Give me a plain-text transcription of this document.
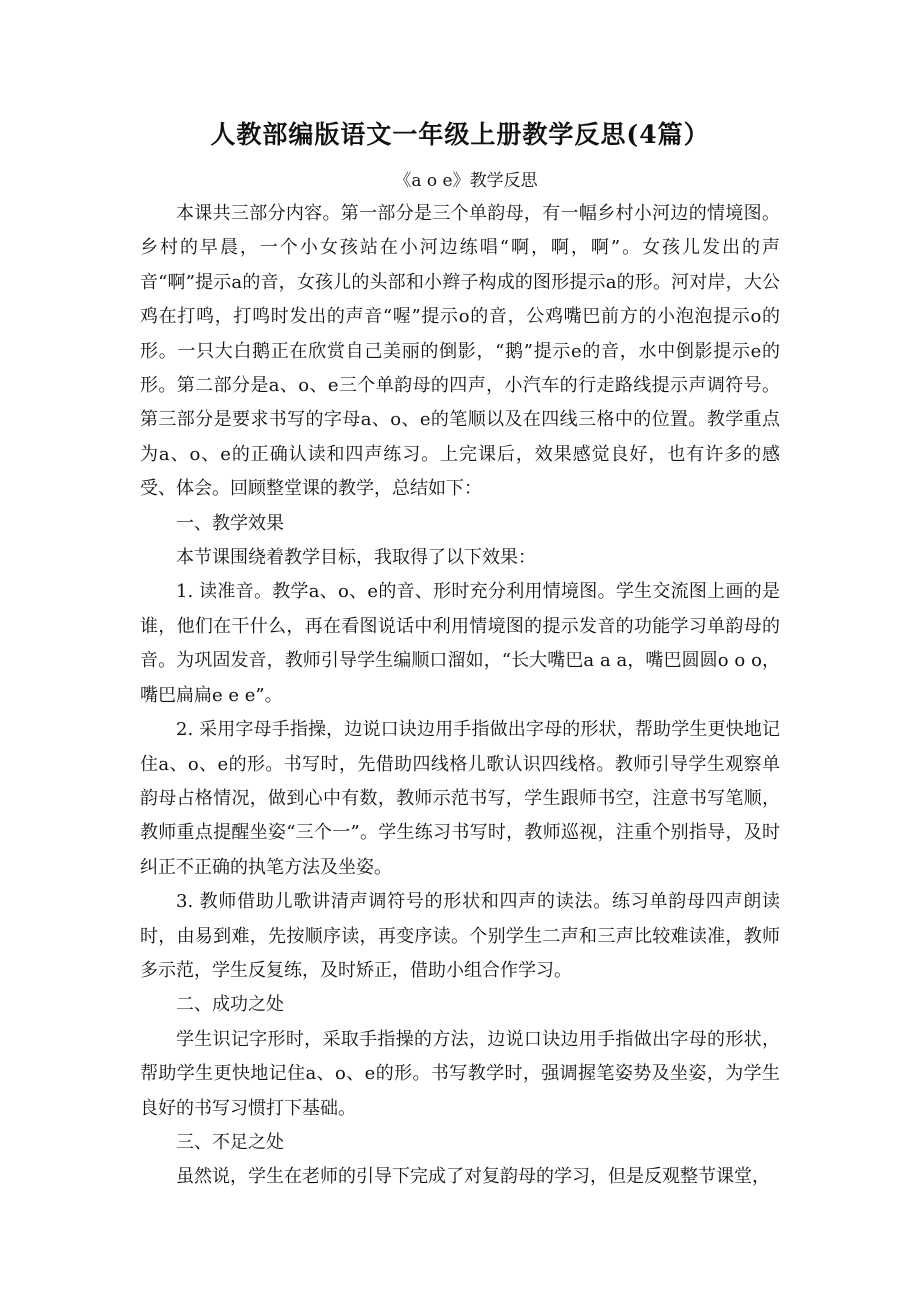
人教部编版语文一年级上册教学反思(4篇）
《a o e》教学反思

本课共三部分内容。第一部分是三个单韵母，有一幅乡村小河边的情境图。乡村的早晨，一个小女孩站在小河边练唱“啊，啊，啊”。女孩儿发出的声音“啊”提示a的音，女孩儿的头部和小辫子构成的图形提示a的形。河对岸，大公鸡在打鸣，打鸣时发出的声音“喔”提示o的音，公鸡嘴巴前方的小泡泡提示o的形。一只大白鹅正在欣赏自己美丽的倒影，“鹅”提示e的音，水中倒影提示e的形。第二部分是a、o、e三个单韵母的四声，小汽车的行走路线提示声调符号。第三部分是要求书写的字母a、o、e的笔顺以及在四线三格中的位置。教学重点为a、o、e的正确认读和四声练习。上完课后，效果感觉良好，也有许多的感受、体会。回顾整堂课的教学，总结如下：

一、教学效果

本节课围绕着教学目标，我取得了以下效果：

1. 读准音。教学a、o、e的音、形时充分利用情境图。学生交流图上画的是谁，他们在干什么，再在看图说话中利用情境图的提示发音的功能学习单韵母的音。为巩固发音，教师引导学生编顺口溜如，“长大嘴巴a a a，嘴巴圆圆o o o，嘴巴扁扁e e e”。

2. 采用字母手指操，边说口诀边用手指做出字母的形状，帮助学生更快地记住a、o、e的形。书写时，先借助四线格儿歌认识四线格。教师引导学生观察单韵母占格情况，做到心中有数，教师示范书写，学生跟师书空，注意书写笔顺，教师重点提醒坐姿“三个一”。学生练习书写时，教师巡视，注重个别指导，及时纠正不正确的执笔方法及坐姿。

3. 教师借助儿歌讲清声调符号的形状和四声的读法。练习单韵母四声朗读时，由易到难，先按顺序读，再变序读。个别学生二声和三声比较难读准，教师多示范，学生反复练，及时矫正，借助小组合作学习。

二、成功之处

学生识记字形时，采取手指操的方法，边说口诀边用手指做出字母的形状，帮助学生更快地记住a、o、e的形。书写教学时，强调握笔姿势及坐姿，为学生良好的书写习惯打下基础。

三、不足之处

虽然说，学生在老师的引导下完成了对复韵母的学习，但是反观整节课堂，
